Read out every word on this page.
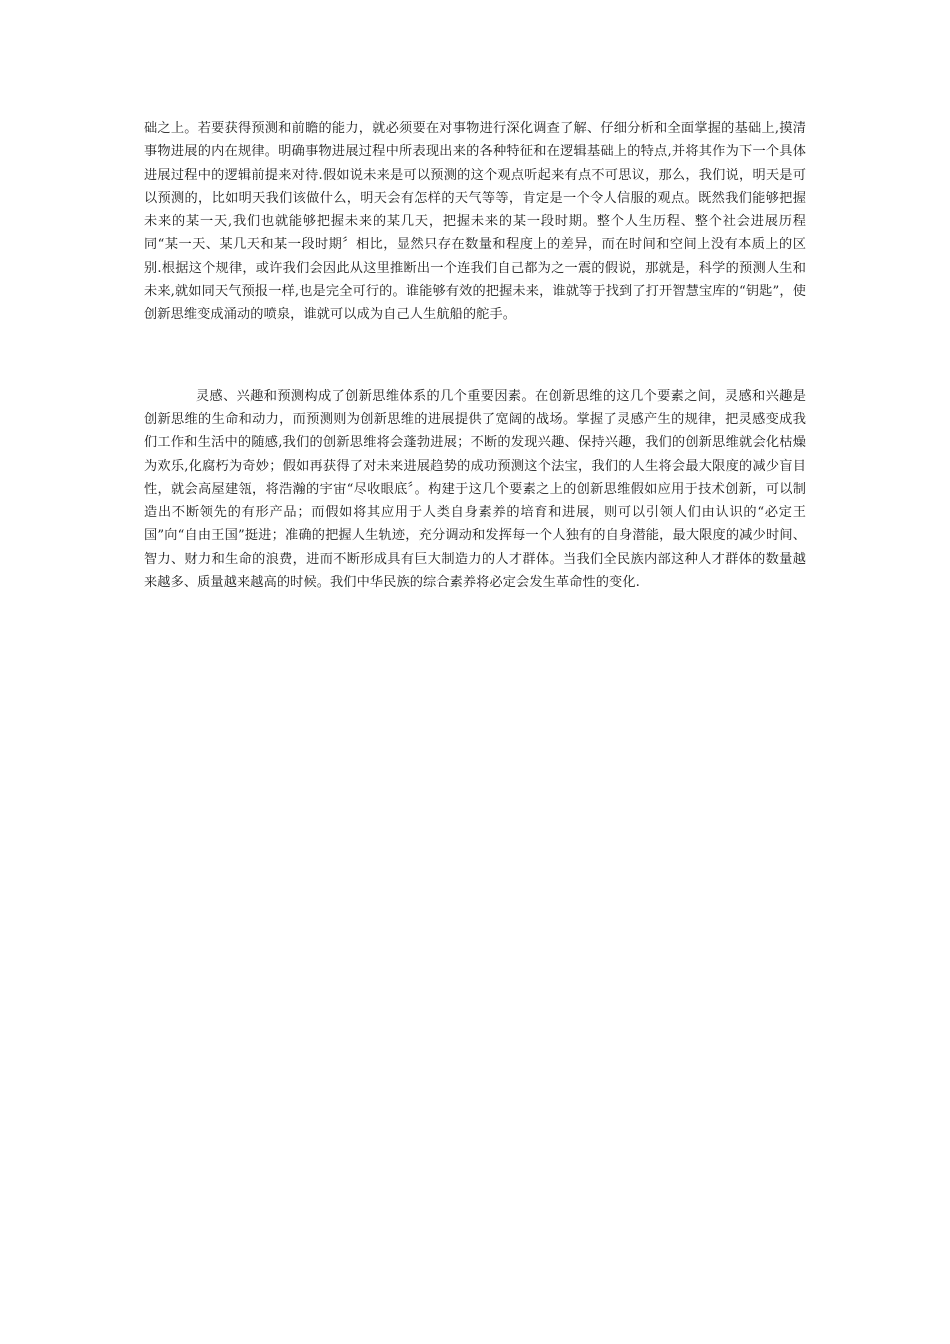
础之上。若要获得预测和前瞻的能力，就必须要在对事物进行深化调查了解、仔细分析和全面掌握的基础上,摸清事物进展的内在规律。明确事物进展过程中所表现出来的各种特征和在逻辑基础上的特点,并将其作为下一个具体进展过程中的逻辑前提来对待.假如说未来是可以预测的这个观点听起来有点不可思议，那么，我们说，明天是可以预测的，比如明天我们该做什么，明天会有怎样的天气等等，肯定是一个令人信服的观点。既然我们能够把握未来的某一天,我们也就能够把握未来的某几天，把握未来的某一段时期。整个人生历程、整个社会进展历程同“某一天、某几天和某一段时期〞相比，显然只存在数量和程度上的差异，而在时间和空间上没有本质上的区别.根据这个规律，或许我们会因此从这里推断出一个连我们自己都为之一震的假说，那就是，科学的预测人生和未来,就如同天气预报一样,也是完全可行的。谁能够有效的把握未来，谁就等于找到了打开智慧宝库的“钥匙”，使创新思维变成涌动的喷泉，谁就可以成为自己人生航船的舵手。

灵感、兴趣和预测构成了创新思维体系的几个重要因素。在创新思维的这几个要素之间，灵感和兴趣是创新思维的生命和动力，而预测则为创新思维的进展提供了宽阔的战场。掌握了灵感产生的规律，把灵感变成我们工作和生活中的随感,我们的创新思维将会蓬勃进展；不断的发现兴趣、保持兴趣，我们的创新思维就会化枯燥为欢乐,化腐朽为奇妙；假如再获得了对未来进展趋势的成功预测这个法宝，我们的人生将会最大限度的减少盲目性，就会高屋建瓴，将浩瀚的宇宙“尽收眼底〞。构建于这几个要素之上的创新思维假如应用于技术创新，可以制造出不断领先的有形产品；而假如将其应用于人类自身素养的培育和进展，则可以引领人们由认识的“必定王国”向“自由王国”挺进；准确的把握人生轨迹，充分调动和发挥每一个人独有的自身潜能，最大限度的减少时间、智力、财力和生命的浪费，进而不断形成具有巨大制造力的人才群体。当我们全民族内部这种人才群体的数量越来越多、质量越来越高的时候。我们中华民族的综合素养将必定会发生革命性的变化.
